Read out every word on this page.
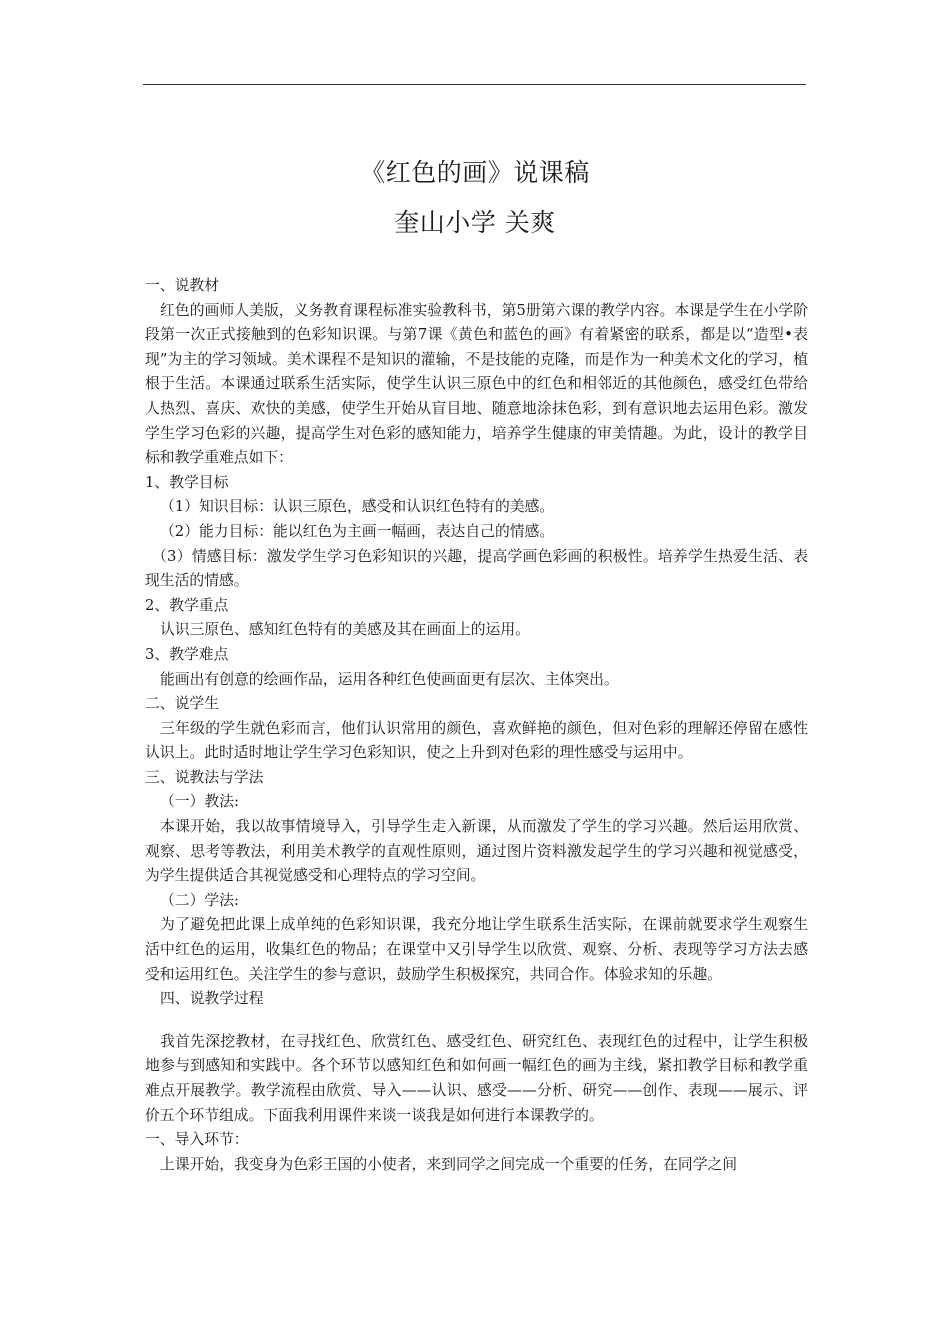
《红色的画》说课稿
奎山小学 关爽

一、说教材

红色的画师人美版，义务教育课程标准实验教科书，第5册第六课的教学内容。本课是学生在小学阶段第一次正式接触到的色彩知识课。与第7课《黄色和蓝色的画》有着紧密的联系，都是以“造型•表现”为主的学习领域。美术课程不是知识的灌输，不是技能的克隆，而是作为一种美术文化的学习，植根于生活。本课通过联系生活实际，使学生认识三原色中的红色和相邻近的其他颜色，感受红色带给人热烈、喜庆、欢快的美感，使学生开始从盲目地、随意地涂抹色彩，到有意识地去运用色彩。激发学生学习色彩的兴趣，提高学生对色彩的感知能力，培养学生健康的审美情趣。为此，设计的教学目标和教学重难点如下：

1、教学目标

（1）知识目标：认识三原色，感受和认识红色特有的美感。

（2）能力目标：能以红色为主画一幅画，表达自己的情感。

（3）情感目标：激发学生学习色彩知识的兴趣，提高学画色彩画的积极性。培养学生热爱生活、表现生活的情感。

2、教学重点

认识三原色、感知红色特有的美感及其在画面上的运用。

3、教学难点

能画出有创意的绘画作品，运用各种红色使画面更有层次、主体突出。

二、说学生

三年级的学生就色彩而言，他们认识常用的颜色，喜欢鲜艳的颜色，但对色彩的理解还停留在感性认识上。此时适时地让学生学习色彩知识，使之上升到对色彩的理性感受与运用中。

三、说教法与学法

（一）教法:

本课开始，我以故事情境导入，引导学生走入新课，从而激发了学生的学习兴趣。然后运用欣赏、观察、思考等教法，利用美术教学的直观性原则，通过图片资料激发起学生的学习兴趣和视觉感受，为学生提供适合其视觉感受和心理特点的学习空间。

（二）学法:

为了避免把此课上成单纯的色彩知识课，我充分地让学生联系生活实际，在课前就要求学生观察生活中红色的运用，收集红色的物品；在课堂中又引导学生以欣赏、观察、分析、表现等学习方法去感受和运用红色。关注学生的参与意识，鼓励学生积极探究，共同合作。体验求知的乐趣。

四、说教学过程

我首先深挖教材，在寻找红色、欣赏红色、感受红色、研究红色、表现红色的过程中，让学生积极地参与到感知和实践中。各个环节以感知红色和如何画一幅红色的画为主线，紧扣教学目标和教学重难点开展教学。教学流程由欣赏、导入——认识、感受——分析、研究——创作、表现——展示、评价五个环节组成。下面我利用课件来谈一谈我是如何进行本课教学的。

一、导入环节：

上课开始，我变身为色彩王国的小使者，来到同学之间完成一个重要的任务，在同学之间
